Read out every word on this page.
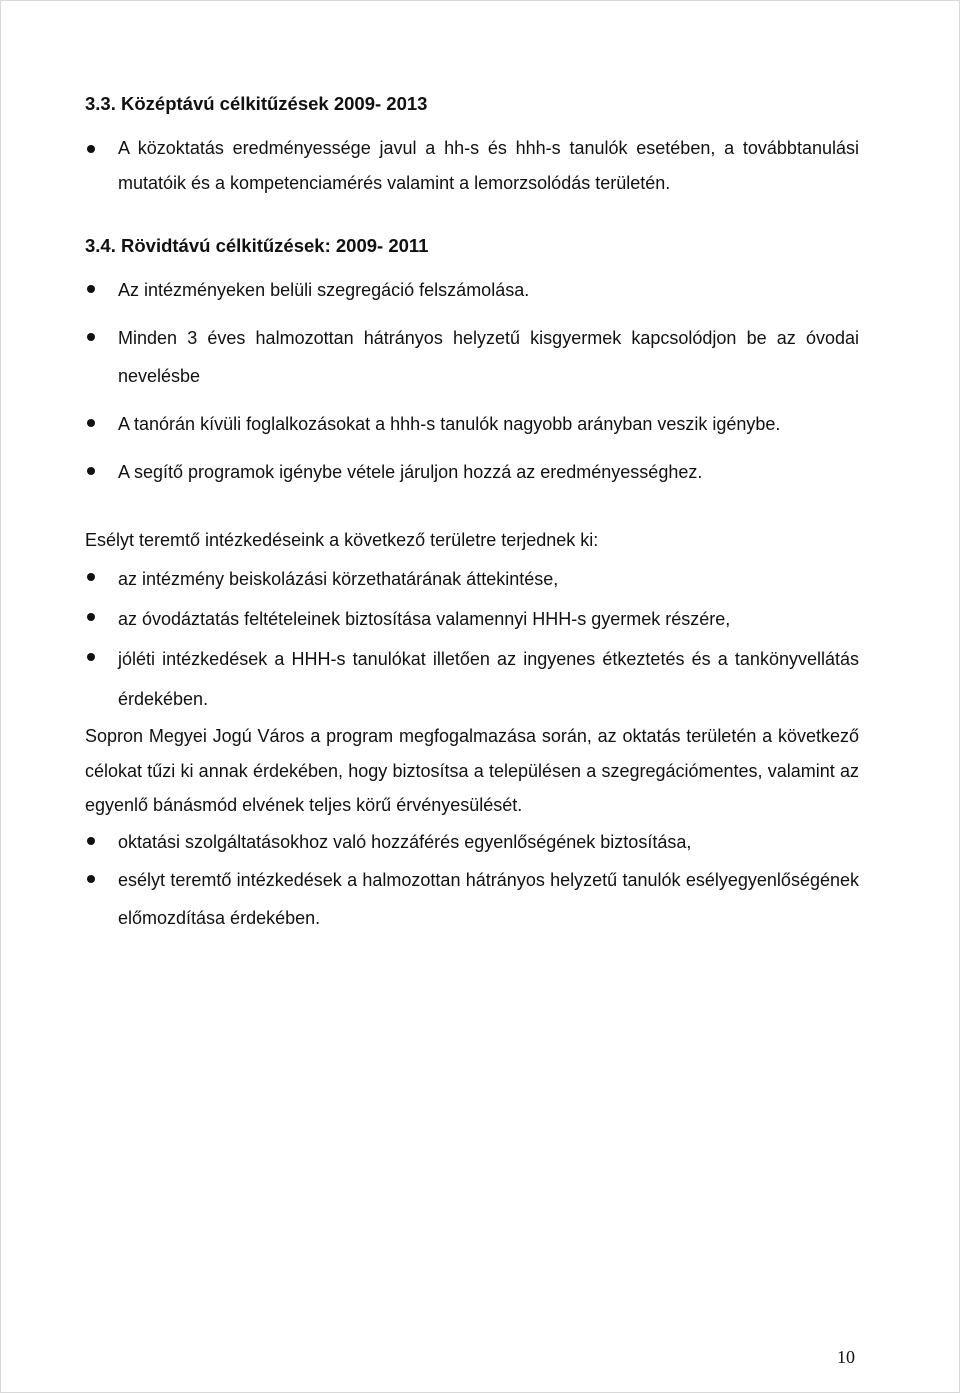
3.3. Középtávú célkitűzések 2009- 2013
A közoktatás eredményessége javul a hh-s és hhh-s tanulók esetében, a továbbtanulási mutatóik és a kompetenciamérés valamint a lemorzsolódás területén.
3.4. Rövidtávú célkitűzések: 2009- 2011
Az intézményeken belüli szegregáció felszámolása.
Minden 3 éves halmozottan hátrányos helyzetű kisgyermek kapcsolódjon be az óvodai nevelésbe
A tanórán kívüli foglalkozásokat a hhh-s tanulók nagyobb arányban veszik igénybe.
A segítő programok igénybe vétele járuljon hozzá az eredményességhez.

Esélyt teremtő intézkedéseink a következő területre terjednek ki:

az intézmény beiskolázási körzethatárának áttekintése,
az óvodáztatás feltételeinek biztosítása valamennyi HHH-s gyermek részére,
jóléti intézkedések a HHH-s tanulókat illetően az ingyenes étkeztetés és a tankönyvellátás érdekében.

Sopron Megyei Jogú Város a program megfogalmazása során, az oktatás területén a következő célokat tűzi ki annak érdekében, hogy biztosítsa a településen a szegregációmentes, valamint az egyenlő bánásmód elvének teljes körű érvényesülését.

oktatási szolgáltatásokhoz való hozzáférés egyenlőségének biztosítása,
esélyt teremtő intézkedések a halmozottan hátrányos helyzetű tanulók esélyegyenlőségének előmozdítása érdekében.
10
